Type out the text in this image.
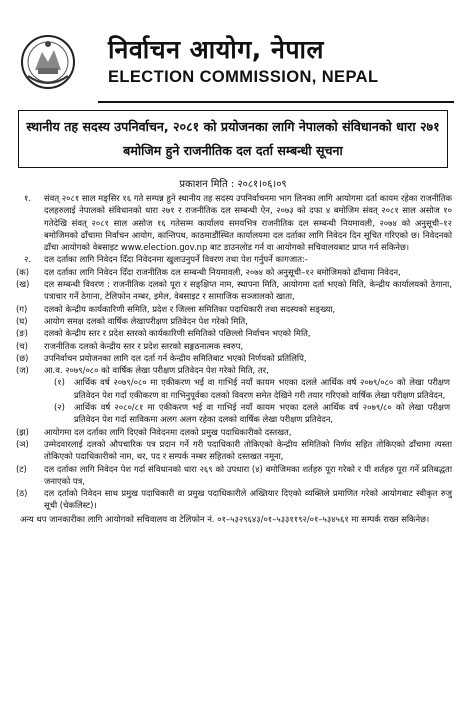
निर्वाचन आयोग, नेपाल
ELECTION COMMISSION, NEPAL
स्थानीय तह सदस्य उपनिर्वाचन, २०८१ को प्रयोजनका लागि नेपालको संविधानको धारा २७१ बमोजिम हुने राजनीतिक दल दर्ता सम्बन्धी सूचना
प्रकाशन मिति : २०८१।०६।०९

१. संवत् २०८१ साल मङ्सिर १६ गते सम्पन्न हुने स्थानीय तह सदस्य उपनिर्वाचनमा भाग लिनका लागि आयोगमा दर्ता कायम रहेका राजनीतिक दलहरुलाई नेपालको संविधानको धारा २७१ र राजनीतिक दल सम्बन्धी ऐन, २०७३ को दफा ४ बमोजिम संवत् २०८१ साल असोज १० गतेदेखि संवत् २०८१ साल असोज १६ गतेसम्म कार्यालय समयभित्र राजनीतिक दल सम्बन्धी नियमावली, २०७४ को अनुसूची–१२ बमोजिमको ढाँचामा निर्वाचन आयोग, कान्तिपथ, काठमाडौंस्थित कार्यालयमा दल दर्ताका लागि निवेदन दिन सूचित गरिएको छ। निवेदनको ढाँचा आयोगको वेबसाइट www.election.gov.np बाट डाउनलोड गर्न वा आयोगको सचिवालयबाट प्राप्त गर्न सकिनेछ।

२. दल दर्ताका लागि निवेदन दिँदा निवेदनमा खुलाउनुपर्ने विवरण तथा पेश गर्नुपर्ने कागजात:-

(क) दल दर्ताका लागि निवेदन दिँदा राजनीतिक दल सम्बन्धी नियमावली, २०७४ को अनुसूची–१२ बमोजिमको ढाँचामा निवेदन,
(ख) दल सम्बन्धी विवरण : राजनीतिक दलको पूरा र सङ्क्षिप्त नाम, स्थापना मिति, आयोगमा दर्ता भएको मिति, केन्द्रीय कार्यालयको ठेगाना, पत्राचार गर्ने ठेगाना, टेलिफोन नम्बर, इमेल, वेबसाइट र सामाजिक सञ्जालको खाता,
(ग) दलको केन्द्रीय कार्यकारिणी समिति, प्रदेश र जिल्ला समितिका पदाधिकारी तथा सदस्यको सङ्ख्या,
(घ) आयोग समक्ष दलको वार्षिक लेखापरीक्षण प्रतिवेदन पेश गरेको मिति,
(ङ) दलको केन्द्रीय स्तर र प्रदेश स्तरको कार्यकारिणी समितिको पछिल्लो निर्वाचन भएको मिति,
(च) राजनीतिक दलको केन्द्रीय स्तर र प्रदेश स्तरको सङ्गठनात्मक स्वरुप,
(छ) उपनिर्वाचन प्रयोजनका लागि दल दर्ता गर्न केन्द्रीय समितिबाट भएको निर्णयको प्रतिलिपि,
(ज) आ.व. २०७९/०८० को वार्षिक लेखा परीक्षण प्रतिवेदन पेश गरेको मिति, तर,
(१) आर्थिक वर्ष २०७९/०८० मा एकीकरण भई वा गाभिई नयाँ कायम भएका दलले आर्थिक वर्ष २०७९/०८० को लेखा परीक्षण प्रतिवेदन पेश गर्दा एकीकरण वा गाभिनुपूर्वका दलको विवरण समेत देखिने गरी तयार गरिएको वार्षिक लेखा परीक्षण प्रतिवेदन,
(२) आर्थिक वर्ष २०८०/८१ मा एकीकरण भई वा गाभिई नयाँ कायम भएका दलले आर्थिक वर्ष २०७९/८० को लेखा परीक्षण प्रतिवेदन पेश गर्दा साविकमा अलग अलग रहेका दलको वार्षिक लेखा परीक्षण प्रतिवेदन,
(झ) आयोगमा दल दर्ताका लागि दिएको निवेदनमा दलको प्रमुख पदाधिकारीको दस्तखत,
(ञ) उम्मेदवारलाई दलको औपचारिक पत्र प्रदान गर्ने गरी पदाधिकारी तोकिएको केन्द्रीय समितिको निर्णय सहित तोकिएको ढाँचामा त्यस्ता तोकिएको पदाधिकारीको नाम, थर, पद र सम्पर्क नम्बर सहितको दस्तखत नमूना,
(ट) दल दर्ताका लागि निवेदन पेश गर्दा संविधानको धारा २६९ को उपधारा (४) बमोजिमका शर्तहरु पूरा गरेको र यी शर्तहरु पूरा गर्ने प्रतिबद्धता जनाएको पत्र,
(ठ) दल दर्ताको निवेदन साथ प्रमुख पदाधिकारी वा प्रमुख पदाधिकारीले अख्तियार दिएको व्यक्तिले प्रमाणित गरेको आयोगबाट स्वीकृत रुजु सूची (चेकलिस्ट)।

अन्य थप जानकारीका लागि आयोगको सचिवालय वा टेलिफोन नं. ०१–५३२९६४३/०१–५३३११९२/०१–५३४५६१ मा सम्पर्क राख्न सकिनेछ।
